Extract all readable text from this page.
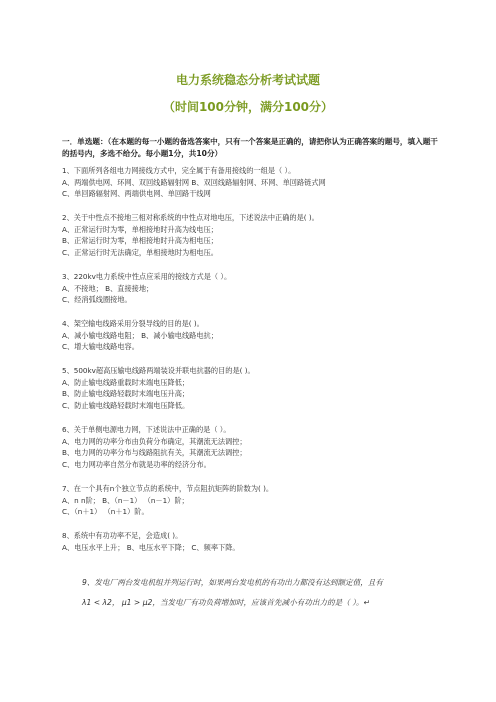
电力系统稳态分析考试试题
（时间100分钟，满分100分）
一．单选题：（在本题的每一小题的备选答案中，只有一个答案是正确的，请把你认为正确答案的题号，填入题干的括号内，多选不给分。每小题1分，共10分）
1、下面所列各组电力网接线方式中，完全属于有备用接线的一组是（ ）。
A、两端供电网、环网、双回线路辐射网 B、双回线路辐射网、环网、单回路链式网
C、单回路辐射网、两端供电网、单回路干线网
2、关于中性点不接地三相对称系统的中性点对地电压，下述说法中正确的是( )。
A、正常运行时为零，单相接地时升高为线电压；
B、正常运行时为零，单相接地时升高为相电压；
C、正常运行时无法确定，单相接地时为相电压。
3、220kv电力系统中性点应采用的接线方式是（ ）。
A、不接地； B、直接接地；
C、经消弧线圈接地。
4、架空输电线路采用分裂导线的目的是( )。
A、减小输电线路电阻； B、减小输电线路电抗；
C、增大输电线路电容。
5、500kv超高压输电线路两端装设并联电抗器的目的是( )。
A、防止输电线路重载时末端电压降低；
B、防止输电线路轻载时末端电压升高；
C、防止输电线路轻载时末端电压降低。
6、关于单侧电源电力网，下述说法中正确的是（ ）。
A、电力网的功率分布由负荷分布确定，其潮流无法调控；
B、电力网的功率分布与线路阻抗有关，其潮流无法调控；
C、电力网功率自然分布就是功率的经济分布。
7、在一个具有n个独立节点的系统中，节点阻抗矩阵的阶数为( )。
A、n n阶； B、（n－1） （n－1）阶；
C、（n＋1） （n＋1）阶。
8、系统中有功功率不足，会造成( )。
A、电压水平上升； B、电压水平下降； C、频率下降。
9、发电厂两台发电机组并列运行时，如果两台发电机的有功出力都没有达到额定值，且有
λ1 < λ2， μ1 > μ2，当发电厂有功负荷增加时，应该首先减小有功出力的是（ ）。↵
